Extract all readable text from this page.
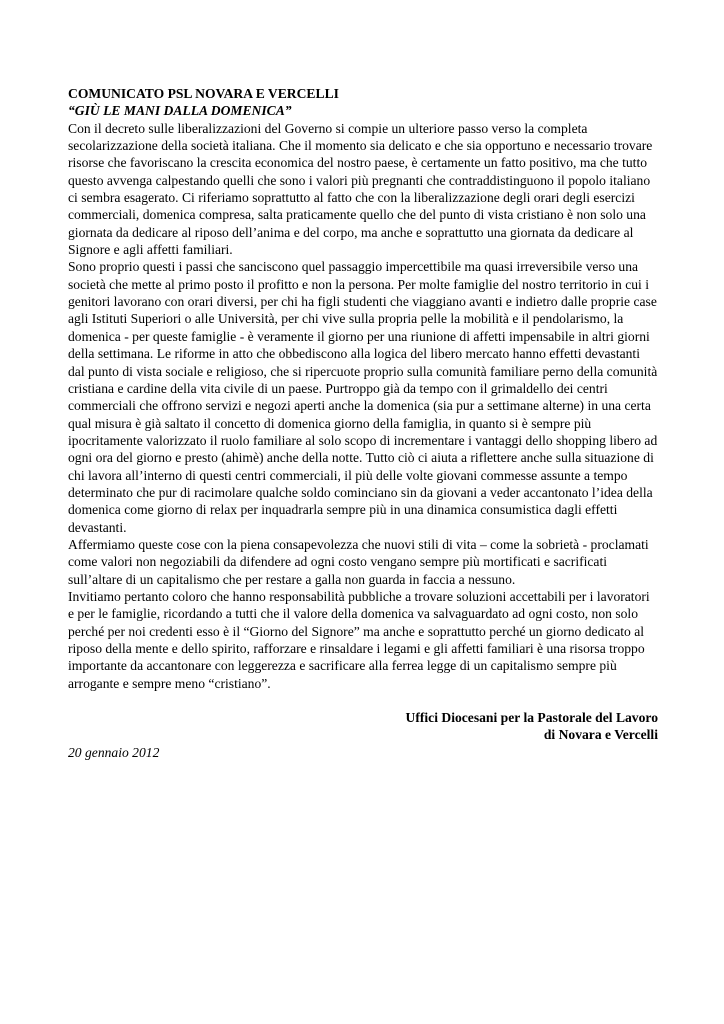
COMUNICATO PSL NOVARA E VERCELLI
“GIÙ LE MANI DALLA DOMENICA”
Con il decreto sulle liberalizzazioni del Governo si compie un ulteriore passo verso la completa secolarizzazione della società italiana. Che il momento sia delicato e che sia opportuno e necessario trovare risorse che favoriscano la crescita economica del nostro paese, è certamente un fatto positivo, ma che tutto questo avvenga calpestando quelli che sono i valori più pregnanti che contraddistinguono il popolo italiano ci sembra esagerato. Ci riferiamo soprattutto al fatto che con la liberalizzazione degli orari degli esercizi commerciali, domenica compresa, salta praticamente quello che del punto di vista cristiano è non solo una giornata da dedicare al riposo dell’anima e del corpo, ma anche e soprattutto una giornata da dedicare al Signore e agli affetti familiari.
Sono proprio questi i passi che sanciscono quel passaggio impercettibile ma quasi irreversibile verso una società che mette al primo posto il profitto e non la persona. Per molte famiglie del nostro territorio in cui i genitori lavorano con orari diversi, per chi ha figli studenti che viaggiano avanti e indietro dalle proprie case agli Istituti Superiori o alle Università, per chi vive sulla propria pelle la mobilità e il pendolarismo, la domenica - per queste famiglie - è veramente il giorno per una riunione di affetti impensabile in altri giorni della settimana. Le riforme in atto che obbediscono alla logica del libero mercato hanno effetti devastanti dal punto di vista sociale e religioso, che si ripercuote proprio sulla comunità familiare perno della comunità cristiana e cardine della vita civile di un paese. Purtroppo già da tempo con il grimaldello dei centri commerciali che offrono servizi e negozi aperti anche la domenica (sia pur a settimane alterne) in una certa qual misura è già saltato il concetto di domenica giorno della famiglia, in quanto si è sempre più ipocritamente valorizzato il ruolo familiare al solo scopo di incrementare i vantaggi dello shopping libero ad ogni ora del giorno e presto (ahimè) anche della notte. Tutto ciò ci aiuta a riflettere anche sulla situazione di chi lavora all’interno di questi centri commerciali, il più delle volte giovani commesse assunte a tempo determinato che pur di racimolare qualche soldo cominciano sin da giovani a veder accantonato l’idea della domenica come giorno di relax per inquadrarla sempre più in una dinamica consumistica dagli effetti devastanti.
Affermiamo queste cose con la piena consapevolezza che nuovi stili di vita – come la sobrietà - proclamati come valori non negoziabili da difendere ad ogni costo vengano sempre più mortificati e sacrificati sull’altare di un capitalismo che per restare a galla non guarda in faccia a nessuno.
Invitiamo pertanto coloro che hanno responsabilità pubbliche a trovare soluzioni accettabili per i lavoratori e per le famiglie, ricordando a tutti che il valore della domenica va salvaguardato ad ogni costo, non solo perché per noi credenti esso è il “Giorno del Signore” ma anche e soprattutto perché un giorno dedicato al riposo della mente e dello spirito, rafforzare e rinsaldare i legami e gli affetti familiari è una risorsa troppo importante da accantonare con leggerezza e sacrificare alla ferrea legge di un capitalismo sempre più arrogante e sempre meno “cristiano”.
Uffici Diocesani per la Pastorale del Lavoro
di Novara e Vercelli
20 gennaio 2012
